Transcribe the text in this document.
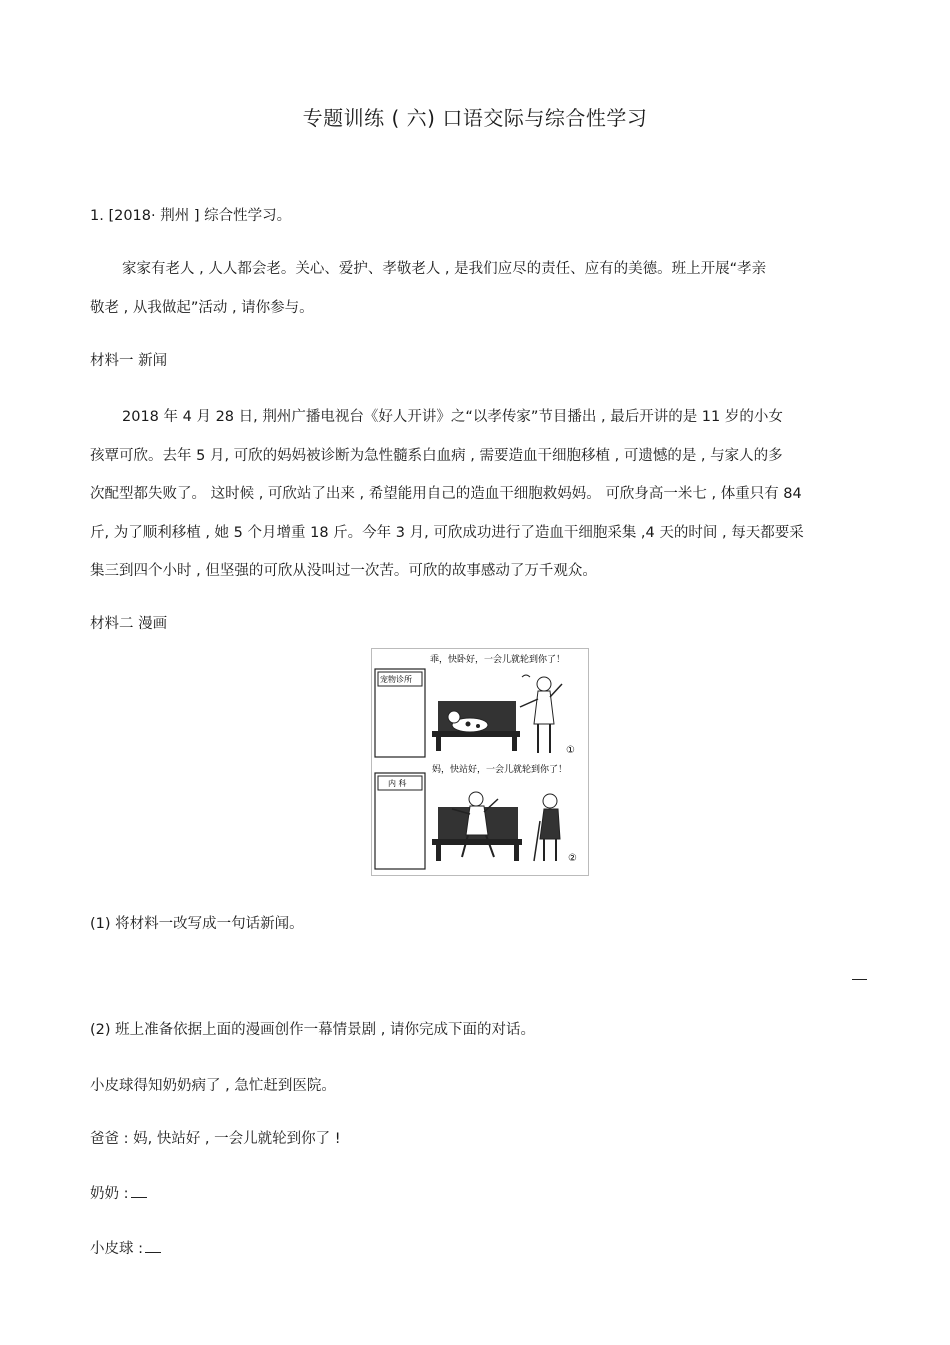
专题训练 ( 六) 口语交际与综合性学习
1. [2018· 荆州 ] 综合性学习。
家家有老人 , 人人都会老。关心、爱护、孝敬老人 , 是我们应尽的责任、应有的美德。班上开展“孝亲
敬老 , 从我做起”活动 , 请你参与。
材料一 新闻
2018 年 4 月 28 日, 荆州广播电视台《好人开讲》之“以孝传家”节目播出 , 最后开讲的是 11 岁的小女
孩覃可欣。去年 5 月, 可欣的妈妈被诊断为急性髓系白血病 , 需要造血干细胞移植 , 可遗憾的是 , 与家人的多
次配型都失败了。 这时候 , 可欣站了出来 , 希望能用自己的造血干细胞救妈妈。 可欣身高一米七 , 体重只有 84
斤, 为了顺利移植 , 她 5 个月增重 18 斤。今年 3 月, 可欣成功进行了造血干细胞采集 ,4 天的时间 , 每天都要采
集三到四个小时 , 但坚强的可欣从没叫过一次苦。可欣的故事感动了万千观众。
材料二 漫画
乖，快卧好，一会儿就轮到你了！
宠物诊所
①
妈，快站好，一会儿就轮到你了！
内 科
②
(1) 将材料一改写成一句话新闻。
(2) 班上准备依据上面的漫画创作一幕情景剧 , 请你完成下面的对话。
小皮球得知奶奶病了 , 急忙赶到医院。
爸爸 : 妈, 快站好 , 一会儿就轮到你了 !
奶奶 :
小皮球 :
